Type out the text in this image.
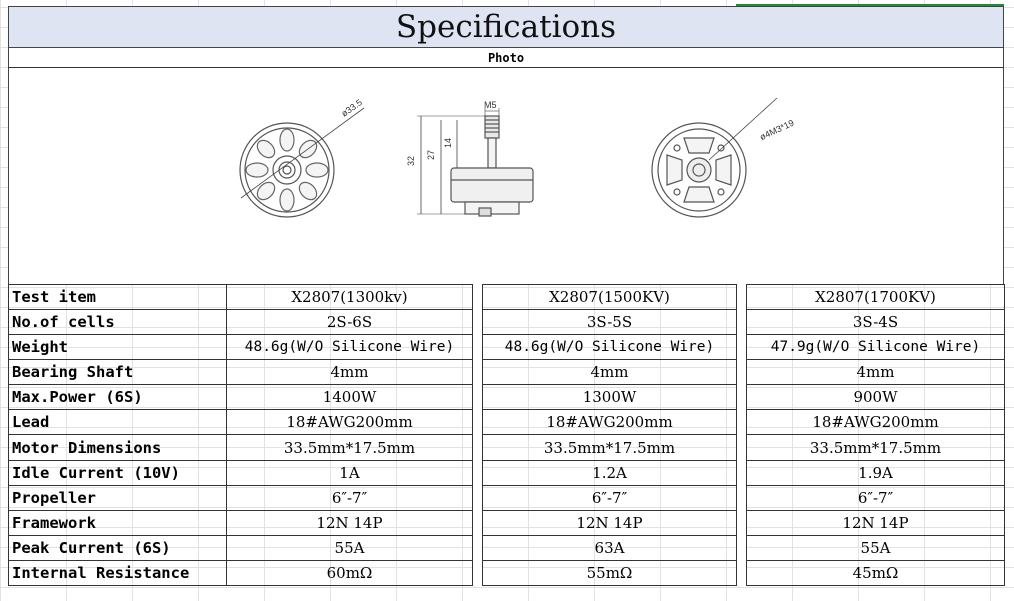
Specifications
Photo
ø33.5	M5
32
27
14
ø4M3*19
Test item	X2807(1300kv)		X2807(1500KV)		X2807(1700KV)
No.of cells	2S-6S		3S-5S		3S-4S
Weight	48.6g(W/O Silicone Wire)		48.6g(W/O Silicone Wire)		47.9g(W/O Silicone Wire)
Bearing Shaft	4mm		4mm		4mm
Max.Power (6S)	1400W		1300W		900W
Lead	18#AWG200mm		18#AWG200mm		18#AWG200mm
Motor Dimensions	33.5mm*17.5mm		33.5mm*17.5mm		33.5mm*17.5mm
Idle Current (10V)	1A		1.2A		1.9A
Propeller	6″-7″		6″-7″		6″-7″
Framework	12N 14P		12N 14P		12N 14P
Peak Current (6S)	55A		63A		55A
Internal Resistance	60mΩ		55mΩ		45mΩ
